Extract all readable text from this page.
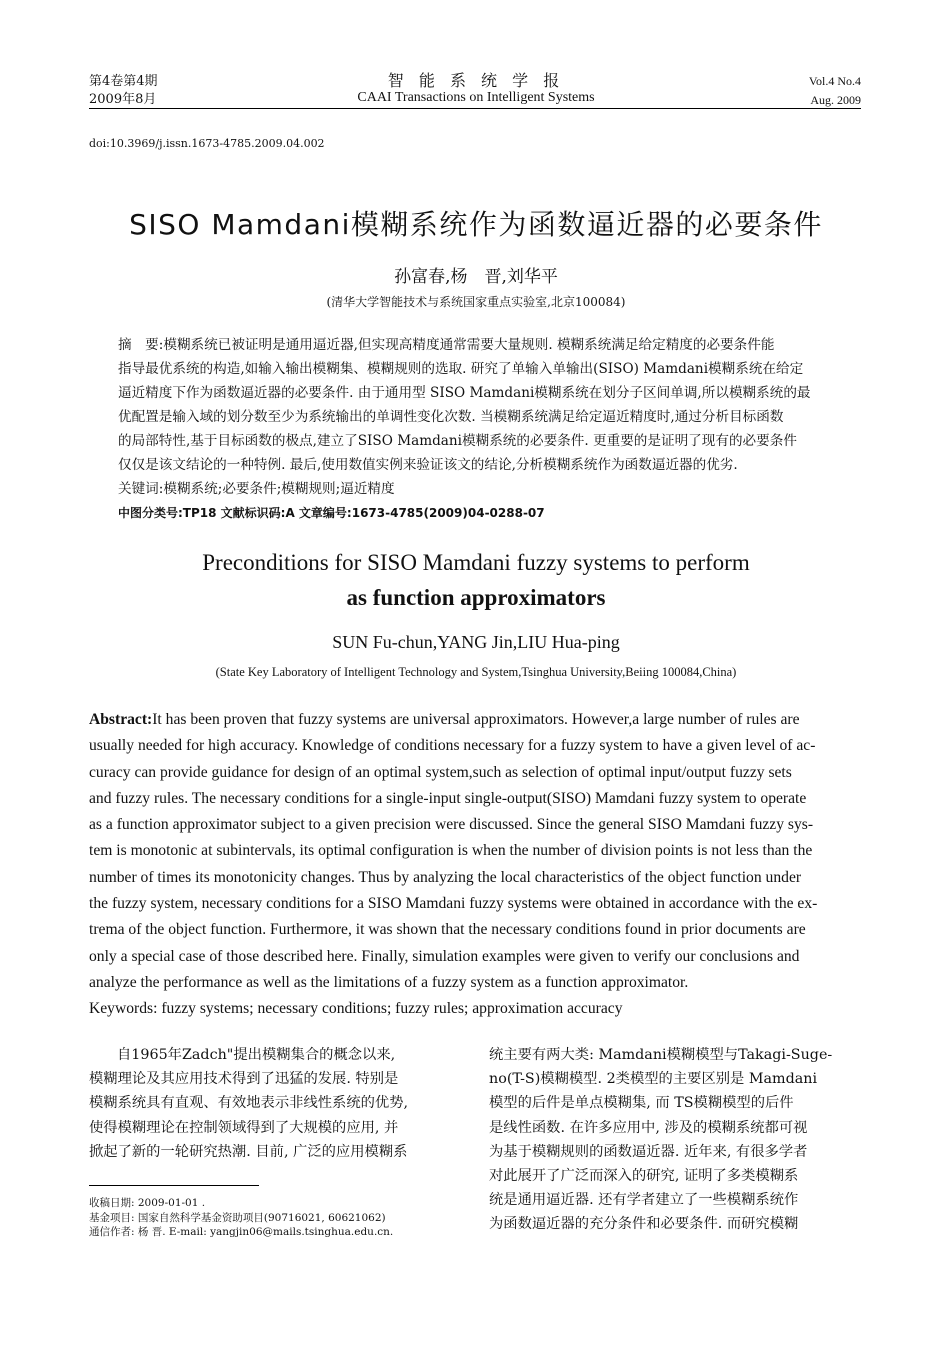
第4卷第4期
2009年8月
智 能 系 统 学 报
CAAI Transactions on Intelligent Systems
Vol.4 No.4
Aug. 2009
doi:10.3969/j.issn.1673-4785.2009.04.002
SISO Mamdani模糊系统作为函数逼近器的必要条件
孙富春,杨　晋,刘华平
(清华大学智能技术与系统国家重点实验室,北京100084)
摘　要:模糊系统已被证明是通用逼近器,但实现高精度通常需要大量规则. 模糊系统满足给定精度的必要条件能
指导最优系统的构造,如输入输出模糊集、模糊规则的选取. 研究了单输入单输出(SISO) Mamdani模糊系统在给定
逼近精度下作为函数逼近器的必要条件. 由于通用型 SISO Mamdani模糊系统在划分子区间单调,所以模糊系统的最
优配置是输入域的划分数至少为系统输出的单调性变化次数. 当模糊系统满足给定逼近精度时,通过分析目标函数
的局部特性,基于目标函数的极点,建立了SISO Mamdani模糊系统的必要条件. 更重要的是证明了现有的必要条件
仅仅是该文结论的一种特例. 最后,使用数值实例来验证该文的结论,分析模糊系统作为函数逼近器的优劣.
关键词:模糊系统;必要条件;模糊规则;逼近精度
中图分类号:TP18 文献标识码:A 文章编号:1673-4785(2009)04-0288-07
Preconditions for SISO Mamdani fuzzy systems to perform
as function approximators
SUN Fu-chun,YANG Jin,LIU Hua-ping
(State Key Laboratory of Intelligent Technology and System,Tsinghua University,Beiing 100084,China)
Abstract:It has been proven that fuzzy systems are universal approximators. However,a large number of rules are
usually needed for high accuracy. Knowledge of conditions necessary for a fuzzy system to have a given level of ac-
curacy can provide guidance for design of an optimal system,such as selection of optimal input/output fuzzy sets
and fuzzy rules. The necessary conditions for a single-input single-output(SISO) Mamdani fuzzy system to operate
as a function approximator subject to a given precision were discussed. Since the general SISO Mamdani fuzzy sys-
tem is monotonic at subintervals, its optimal configuration is when the number of division points is not less than the
number of times its monotonicity changes. Thus by analyzing the local characteristics of the object function under
the fuzzy system, necessary conditions for a SISO Mamdani fuzzy systems were obtained in accordance with the ex-
trema of the object function. Furthermore, it was shown that the necessary conditions found in prior documents are
only a special case of those described here. Finally, simulation examples were given to verify our conclusions and
analyze the performance as well as the limitations of a fuzzy system as a function approximator.
Keywords: fuzzy systems; necessary conditions; fuzzy rules; approximation accuracy
自1965年Zadch"提出模糊集合的概念以来,
模糊理论及其应用技术得到了迅猛的发展. 特别是
模糊系统具有直观、有效地表示非线性系统的优势,
使得模糊理论在控制领域得到了大规模的应用, 并
掀起了新的一轮研究热潮. 目前, 广泛的应用模糊系
收稿日期: 2009-01-01 .
基金项目: 国家自然科学基金资助项目(90716021, 60621062)
通信作者: 杨 晋. E-mail: yangjin06@mails.tsinghua.edu.cn.
统主要有两大类: Mamdani模糊模型与Takagi-Suge-
no(T-S)模糊模型. 2类模型的主要区别是 Mamdani
模型的后件是单点模糊集, 而 TS模糊模型的后件
是线性函数. 在许多应用中, 涉及的模糊系统都可视
为基于模糊规则的函数逼近器. 近年来, 有很多学者
对此展开了广泛而深入的研究, 证明了多类模糊系
统是通用逼近器. 还有学者建立了一些模糊系统作
为函数逼近器的充分条件和必要条件. 而研究模糊
